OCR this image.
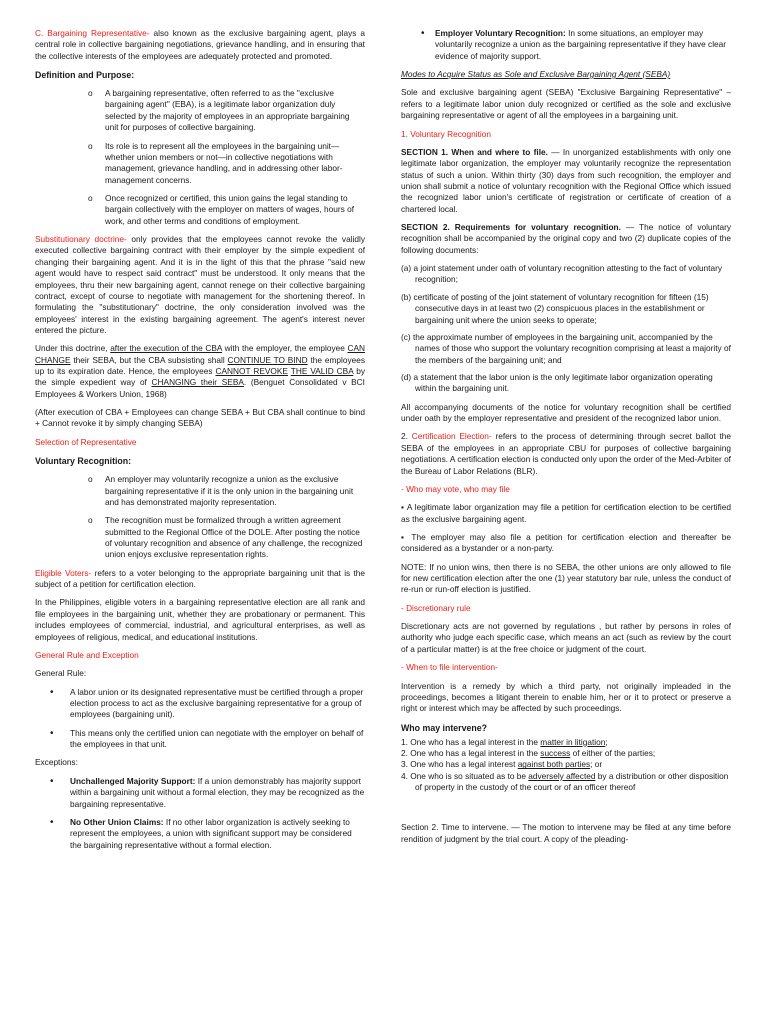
C. Bargaining Representative- also known as the exclusive bargaining agent, plays a central role in collective bargaining negotiations, grievance handling, and in ensuring that the collective interests of the employees are adequately protected and promoted.

Definition and Purpose:
o A bargaining representative, often referred to as the "exclusive bargaining agent" (EBA), is a legitimate labor organization duly selected by the majority of employees in an appropriate bargaining unit for purposes of collective bargaining.
o Its role is to represent all the employees in the bargaining unit—whether union members or not—in collective negotiations with management, grievance handling, and in addressing other labor-management concerns.
o Once recognized or certified, this union gains the legal standing to bargain collectively with the employer on matters of wages, hours of work, and other terms and conditions of employment.

Substitutionary doctrine- only provides that the employees cannot revoke the validly executed collective bargaining contract with their employer by the simple expedient of changing their bargaining agent. And it is in the light of this that the phrase "said new agent would have to respect said contract" must be understood. It only means that the employees, thru their new bargaining agent, cannot renege on their collective bargaining contract, except of course to negotiate with management for the shortening thereof. In formulating the "substitutionary" doctrine, the only consideration involved was the employees' interest in the existing bargaining agreement. The agent's interest never entered the picture.

Under this doctrine, after the execution of the CBA with the employer, the employee CAN CHANGE their SEBA, but the CBA subsisting shall CONTINUE TO BIND the employees up to its expiration date. Hence, the employees CANNOT REVOKE THE VALID CBA by the simple expedient way of CHANGING their SEBA. (Benguet Consolidated v BCI Employees & Workers Union, 1968)

(After execution of CBA + Employees can change SEBA + But CBA shall continue to bind + Cannot revoke it by simply changing SEBA)

Selection of Representative

Voluntary Recognition:
o An employer may voluntarily recognize a union as the exclusive bargaining representative if it is the only union in the bargaining unit and has demonstrated majority representation.
o The recognition must be formalized through a written agreement submitted to the Regional Office of the DOLE. After posting the notice of voluntary recognition and absence of any challenge, the recognized union enjoys exclusive representation rights.

Eligible Voters- refers to a voter belonging to the appropriate bargaining unit that is the subject of a petition for certification election.

In the Philippines, eligible voters in a bargaining representative election are all rank and file employees in the bargaining unit, whether they are probationary or permanent. This includes employees of commercial, industrial, and agricultural enterprises, as well as employees of religious, medical, and educational institutions.

General Rule and Exception

General Rule:

• A labor union or its designated representative must be certified through a proper election process to act as the exclusive bargaining representative for a group of employees (bargaining unit).
• This means only the certified union can negotiate with the employer on behalf of the employees in that unit.

Exceptions:

• Unchallenged Majority Support: If a union demonstrably has majority support within a bargaining unit without a formal election, they may be recognized as the bargaining representative.
• No Other Union Claims: If no other labor organization is actively seeking to represent the employees, a union with significant support may be considered the bargaining representative without a formal election.
• Employer Voluntary Recognition: In some situations, an employer may voluntarily recognize a union as the bargaining representative if they have clear evidence of majority support.

Modes to Acquire Status as Sole and Exclusive Bargaining Agent (SEBA)

Sole and exclusive bargaining agent (SEBA) "Exclusive Bargaining Representative" – refers to a legitimate labor union duly recognized or certified as the sole and exclusive bargaining representative or agent of all the employees in a bargaining unit.

1. Voluntary Recognition

SECTION 1. When and where to file. — In unorganized establishments with only one legitimate labor organization, the employer may voluntarily recognize the representation status of such a union. Within thirty (30) days from such recognition, the employer and union shall submit a notice of voluntary recognition with the Regional Office which issued the recognized labor union's certificate of registration or certificate of creation of a chartered local.

SECTION 2. Requirements for voluntary recognition. — The notice of voluntary recognition shall be accompanied by the original copy and two (2) duplicate copies of the following documents:

(a) a joint statement under oath of voluntary recognition attesting to the fact of voluntary recognition;
(b) certificate of posting of the joint statement of voluntary recognition for fifteen (15) consecutive days in at least two (2) conspicuous places in the establishment or bargaining unit where the union seeks to operate;
(c) the approximate number of employees in the bargaining unit, accompanied by the names of those who support the voluntary recognition comprising at least a majority of the members of the bargaining unit; and
(d) a statement that the labor union is the only legitimate labor organization operating within the bargaining unit.

All accompanying documents of the notice for voluntary recognition shall be certified under oath by the employer representative and president of the recognized labor union.

2. Certification Election- refers to the process of determining through secret ballot the SEBA of the employees in an appropriate CBU for purposes of collective bargaining negotiations. A certification election is conducted only upon the order of the Med-Arbiter of the Bureau of Labor Relations (BLR).

- Who may vote, who may file

▪ A legitimate labor organization may file a petition for certification election to be certified as the exclusive bargaining agent.

▪ The employer may also file a petition for certification election and thereafter be considered as a bystander or a non-party.

NOTE: If no union wins, then there is no SEBA, the other unions are only allowed to file for new certification election after the one (1) year statutory bar rule, unless the conduct of re-run or run-off election is justified.

- Discretionary rule

Discretionary acts are not governed by regulations , but rather by persons in roles of authority who judge each specific case, which means an act (such as review by the court of a particular matter) is at the free choice or judgment of the court.

- When to file intervention-

Intervention is a remedy by which a third party, not originally impleaded in the proceedings, becomes a litigant therein to enable him, her or it to protect or preserve a right or interest which may be affected by such proceedings.

Who may intervene?
1. One who has a legal interest in the matter in litigation;
2. One who has a legal interest in the success of either of the parties;
3. One who has a legal interest against both parties; or
4. One who is so situated as to be adversely affected by a distribution or other disposition of property in the custody of the court or of an officer thereof

Section 2. Time to intervene. — The motion to intervene may be filed at any time before rendition of judgment by the trial court. A copy of the pleading-
